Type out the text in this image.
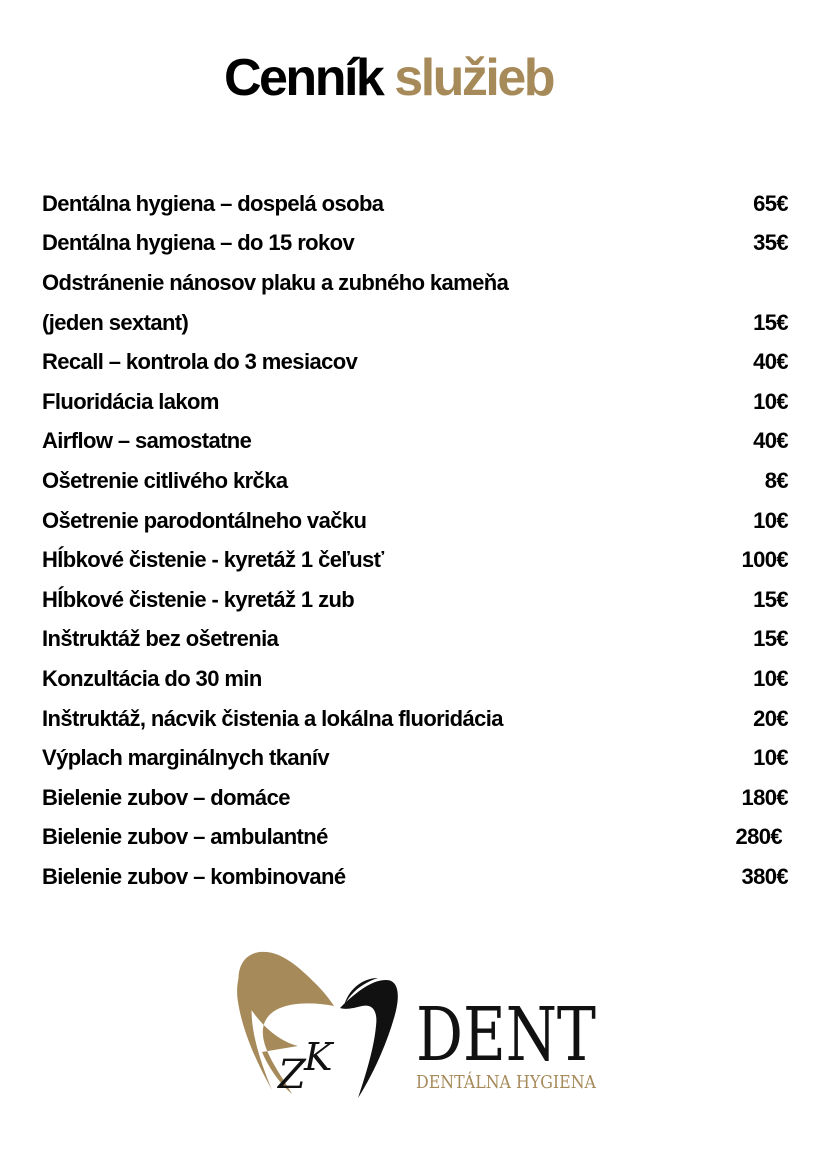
Cenník služieb
Dentálna hygiena – dospelá osoba	65€
Dentálna hygiena – do 15 rokov	35€
Odstránenie nánosov plaku a zubného kameňa
(jeden sextant)	15€
Recall – kontrola do 3 mesiacov	40€
Fluoridácia lakom	10€
Airflow – samostatne	40€
Ošetrenie citlivého krčka	8€
Ošetrenie parodontálneho vačku	10€
Hĺbkové čistenie - kyretáž 1 čeľusť	100€
Hĺbkové čistenie - kyretáž 1 zub	15€
Inštruktáž bez ošetrenia	15€
Konzultácia do 30 min	10€
Inštruktáž, nácvik čistenia a lokálna fluoridácia	20€
Výplach marginálnych tkanív	10€
Bielenie zubov – domáce	180€
Bielenie zubov – ambulantné	280€
Bielenie zubov – kombinované	380€
Z
K DENT
DENTÁLNA HYGIENA
